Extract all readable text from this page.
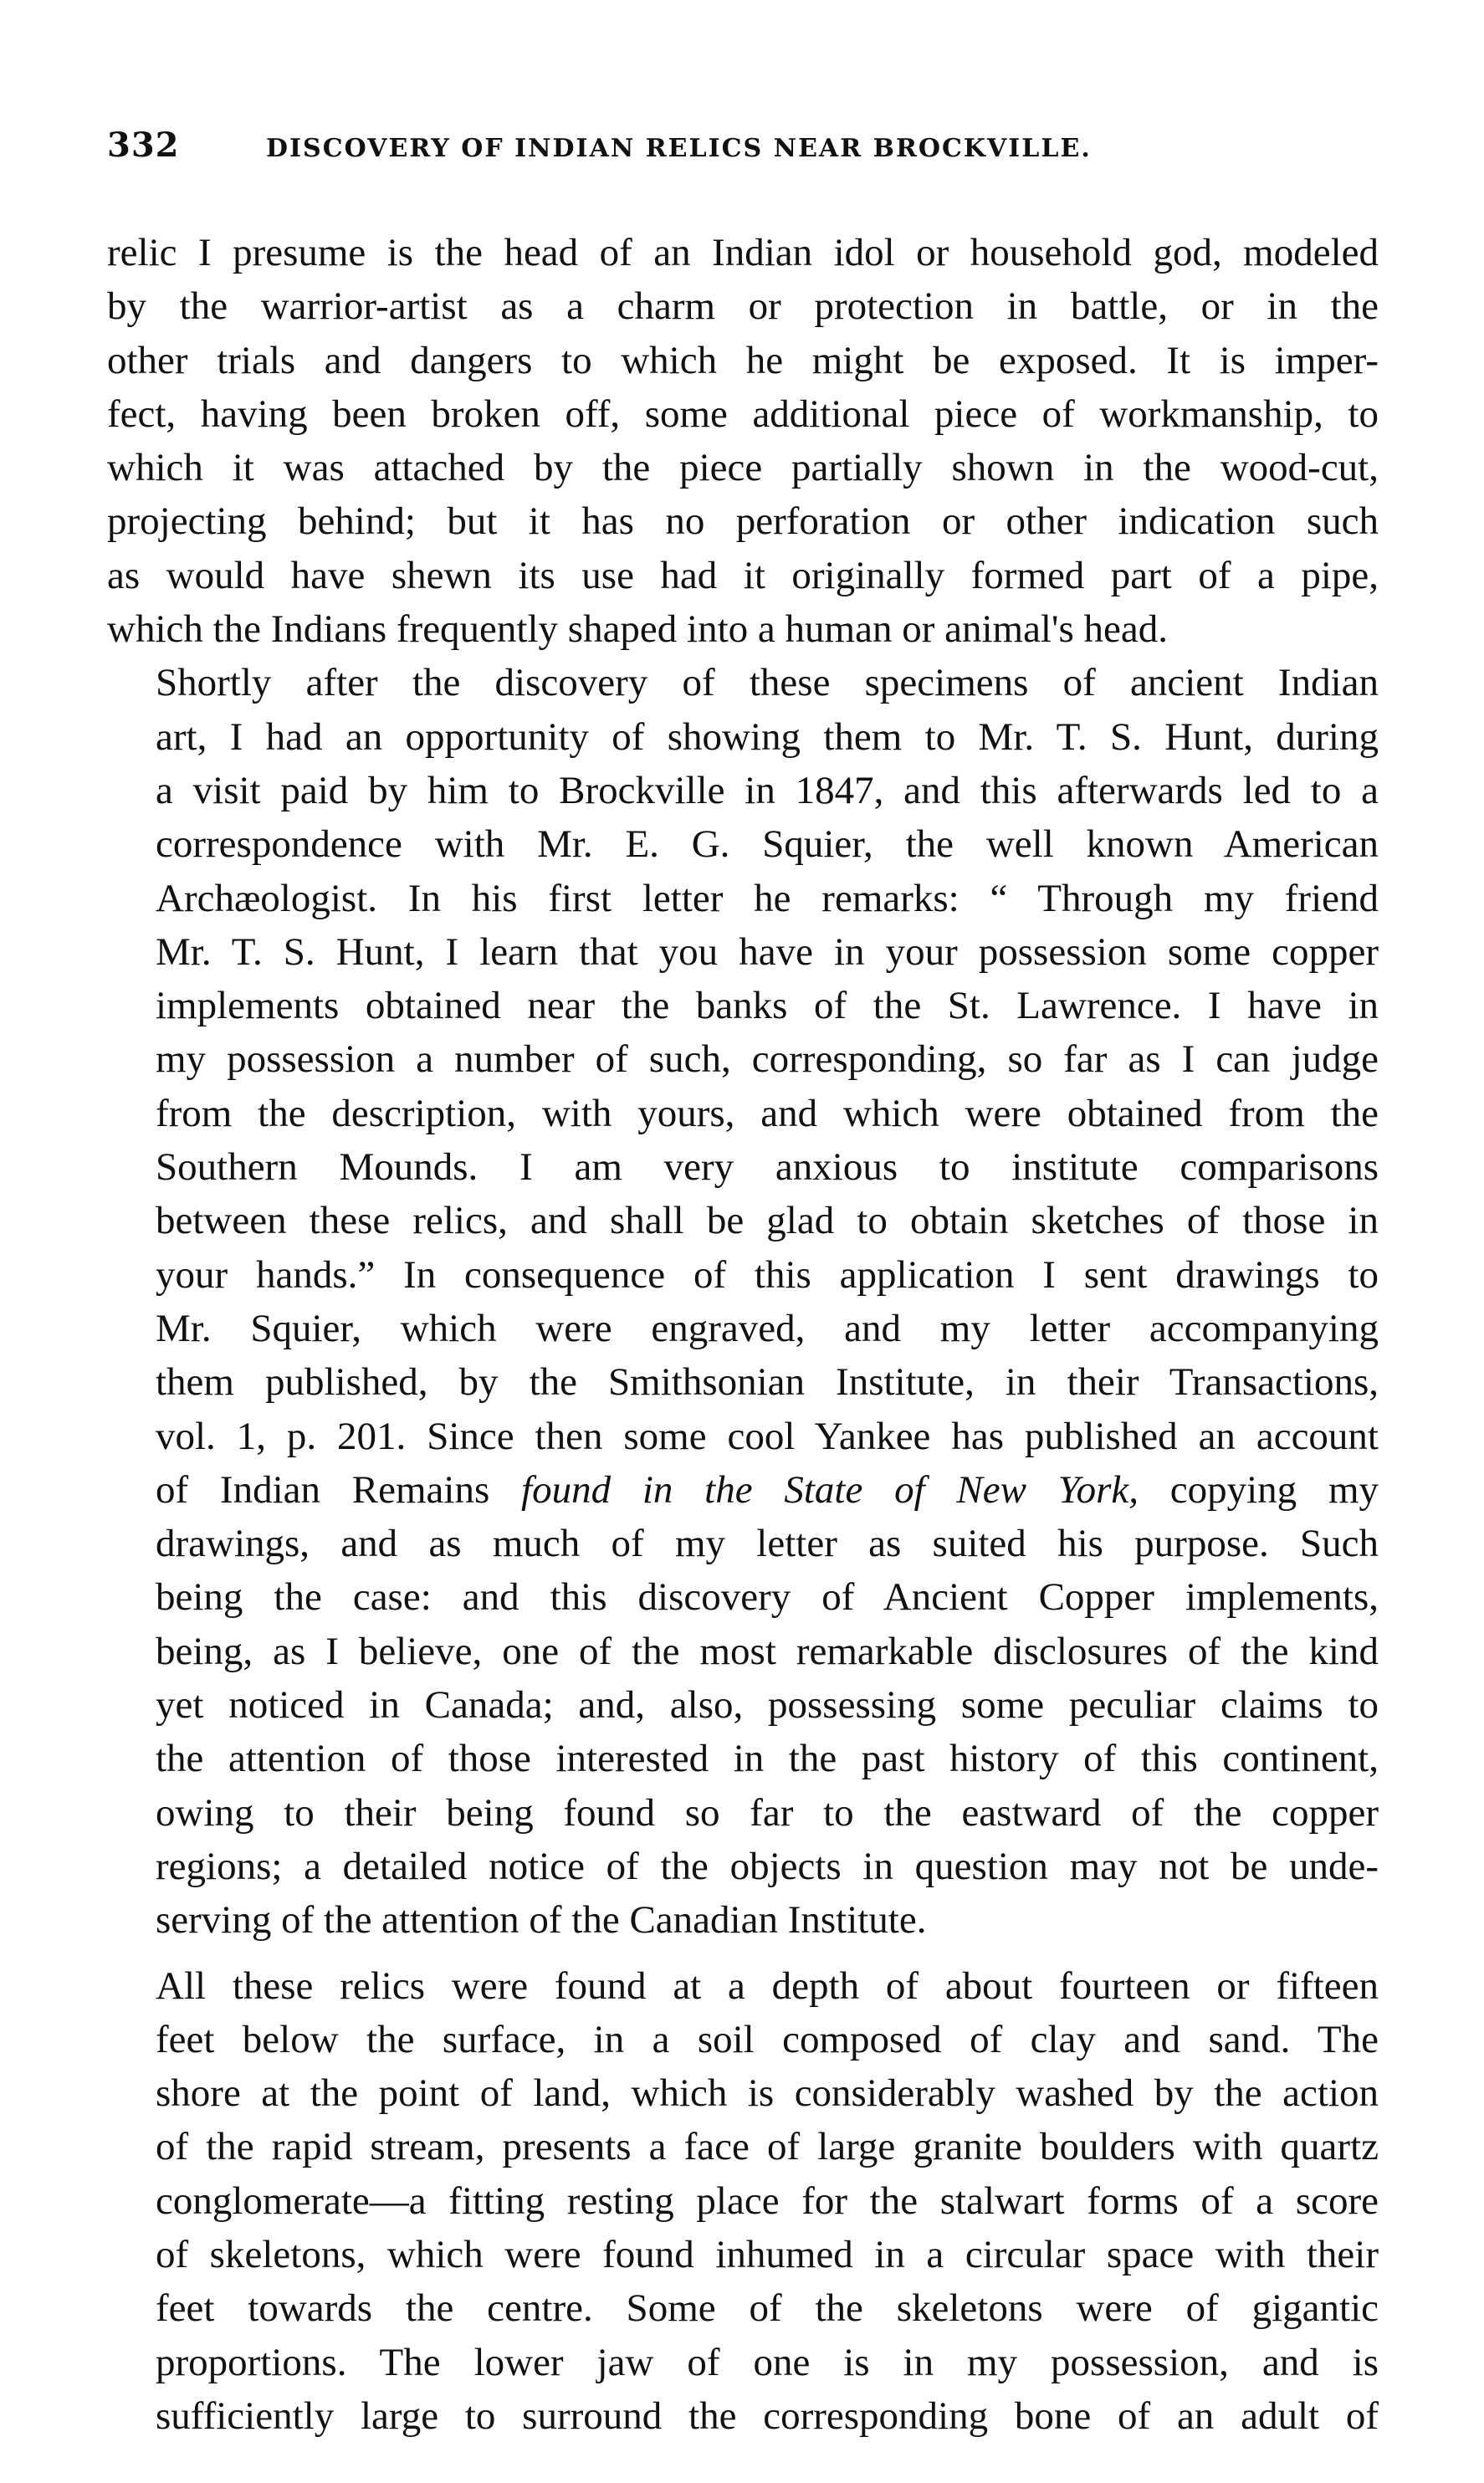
332	DISCOVERY OF INDIAN RELICS NEAR BROCKVILLE.

relic I presume is the head of an Indian idol or household god, modeled
by the warrior-artist as a charm or protection in battle, or in the
other trials and dangers to which he might be exposed. It is imper-
fect, having been broken off, some additional piece of workmanship, to
which it was attached by the piece partially shown in the wood-cut,
projecting behind; but it has no perforation or other indication such
as would have shewn its use had it originally formed part of a pipe,
which the Indians frequently shaped into a human or animal's head.

Shortly after the discovery of these specimens of ancient Indian
art, I had an opportunity of showing them to Mr. T. S. Hunt, during
a visit paid by him to Brockville in 1847, and this afterwards led to a
correspondence with Mr. E. G. Squier, the well known American
Archæologist. In his first letter he remarks: “ Through my friend
Mr. T. S. Hunt, I learn that you have in your possession some copper
implements obtained near the banks of the St. Lawrence. I have in
my possession a number of such, corresponding, so far as I can judge
from the description, with yours, and which were obtained from the
Southern Mounds. I am very anxious to institute comparisons
between these relics, and shall be glad to obtain sketches of those in
your hands.” In consequence of this application I sent drawings to
Mr. Squier, which were engraved, and my letter accompanying
them published, by the Smithsonian Institute, in their Transactions,
vol. 1, p. 201. Since then some cool Yankee has published an account
of Indian Remains found in the State of New York, copying my
drawings, and as much of my letter as suited his purpose. Such
being the case: and this discovery of Ancient Copper implements,
being, as I believe, one of the most remarkable disclosures of the kind
yet noticed in Canada; and, also, possessing some peculiar claims to
the attention of those interested in the past history of this continent,
owing to their being found so far to the eastward of the copper
regions; a detailed notice of the objects in question may not be unde-
serving of the attention of the Canadian Institute.

All these relics were found at a depth of about fourteen or fifteen
feet below the surface, in a soil composed of clay and sand. The
shore at the point of land, which is considerably washed by the action
of the rapid stream, presents a face of large granite boulders with quartz
conglomerate—a fitting resting place for the stalwart forms of a score
of skeletons, which were found inhumed in a circular space with their
feet towards the centre. Some of the skeletons were of gigantic
proportions. The lower jaw of one is in my possession, and is
sufficiently large to surround the corresponding bone of an adult of
